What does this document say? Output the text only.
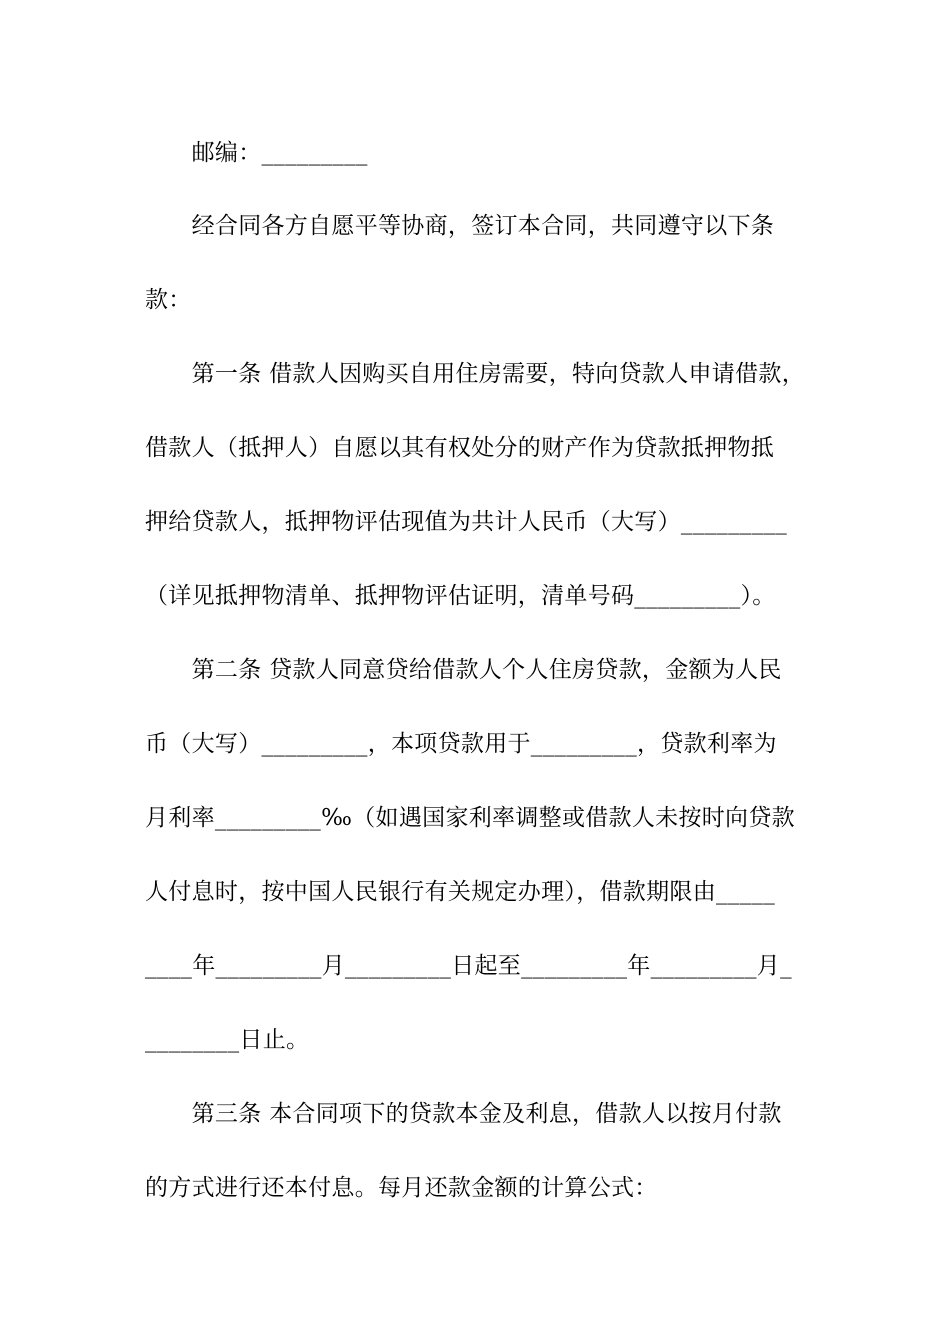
　　邮编：_________
　　经合同各方自愿平等协商，签订本合同，共同遵守以下条
款：
　　第一条 借款人因购买自用住房需要，特向贷款人申请借款，
借款人（抵押人）自愿以其有权处分的财产作为贷款抵押物抵
押给贷款人，抵押物评估现值为共计人民币（大写）_________
（详见抵押物清单、抵押物评估证明，清单号码_________）。
　　第二条 贷款人同意贷给借款人个人住房贷款，金额为人民
币（大写）_________，本项贷款用于_________，贷款利率为
月利率_________‰（如遇国家利率调整或借款人未按时向贷款
人付息时，按中国人民银行有关规定办理），借款期限由_____
____年_________月_________日起至_________年_________月_
________日止。
　　第三条 本合同项下的贷款本金及利息，借款人以按月付款
的方式进行还本付息。每月还款金额的计算公式：
